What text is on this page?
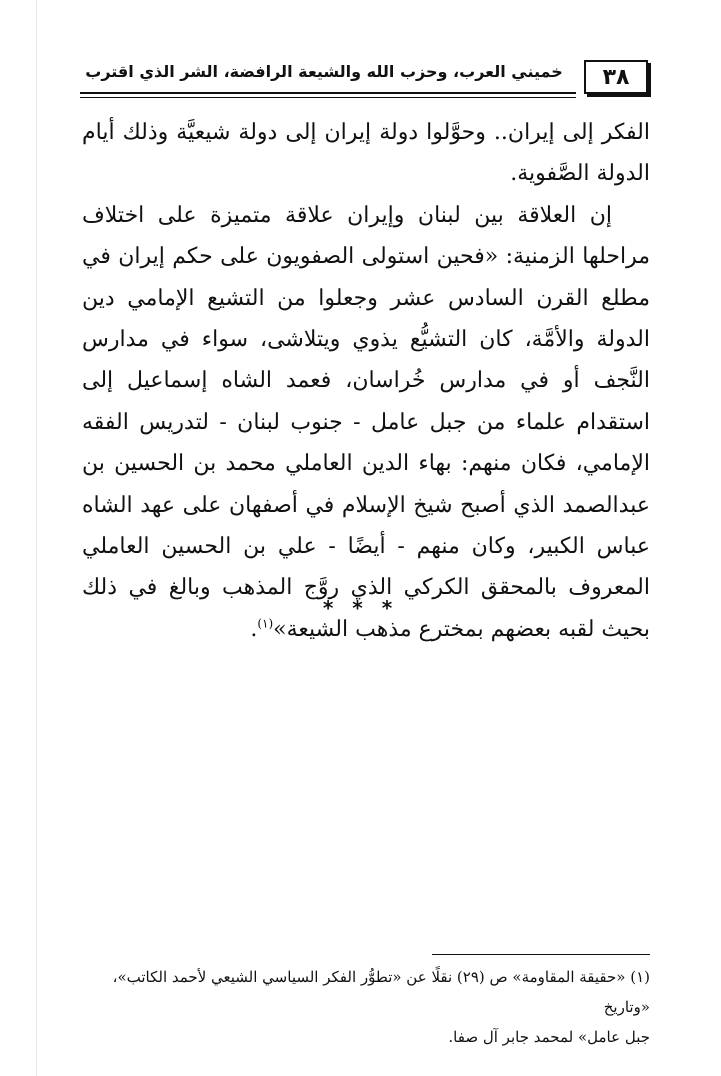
٣٨
خميني العرب، وحزب الله والشيعة الرافضة، الشر الذي اقترب

الفكر إلى إيران.. وحوَّلوا دولة إيران إلى دولة شيعيَّة وذلك أيام الدولة الصَّفوية.

إن العلاقة بين لبنان وإيران علاقة متميزة على اختلاف مراحلها الزمنية: «فحين استولى الصفويون على حكم إيران في مطلع القرن السادس عشر وجعلوا من التشيع الإمامي دين الدولة والأمَّة، كان التشيُّع يذوي ويتلاشى، سواء في مدارس النَّجف أو في مدارس خُراسان، فعمد الشاه إسماعيل إلى استقدام علماء من جبل عامل - جنوب لبنان - لتدريس الفقه الإمامي، فكان منهم: بهاء الدين العاملي محمد بن الحسين بن عبدالصمد الذي أصبح شيخ الإسلام في أصفهان على عهد الشاه عباس الكبير، وكان منهم - أيضًا - علي بن الحسين العاملي المعروف بالمحقق الكركي الذي روَّج المذهب وبالغ في ذلك بحيث لقبه بعضهم بمخترع مذهب الشيعة»$^{(١)}$.

* * *

(١) «حقيقة المقاومة» ص (٢٩) نقلًا عن «تطوُّر الفكر السياسي الشيعي لأحمد الكاتب»، «وتاريخ

جبل عامل» لمحمد جابر آل صفا.
